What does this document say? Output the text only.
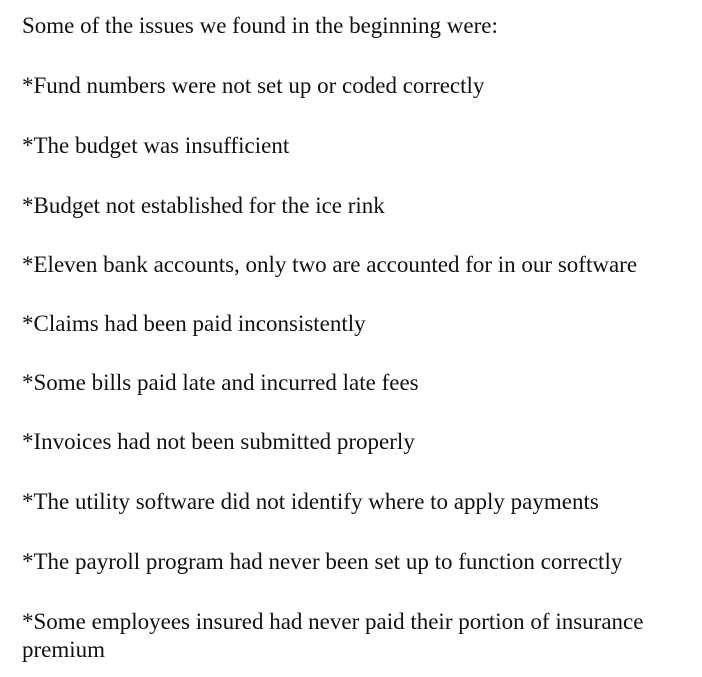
Some of the issues we found in the beginning were:

*Fund numbers were not set up or coded correctly
*The budget was insufficient
*Budget not established for the ice rink
*Eleven bank accounts, only two are accounted for in our software
*Claims had been paid inconsistently
*Some bills paid late and incurred late fees
*Invoices had not been submitted properly
*The utility software did not identify where to apply payments
*The payroll program had never been set up to function correctly
*Some employees insured had never paid their portion of insurance premium
